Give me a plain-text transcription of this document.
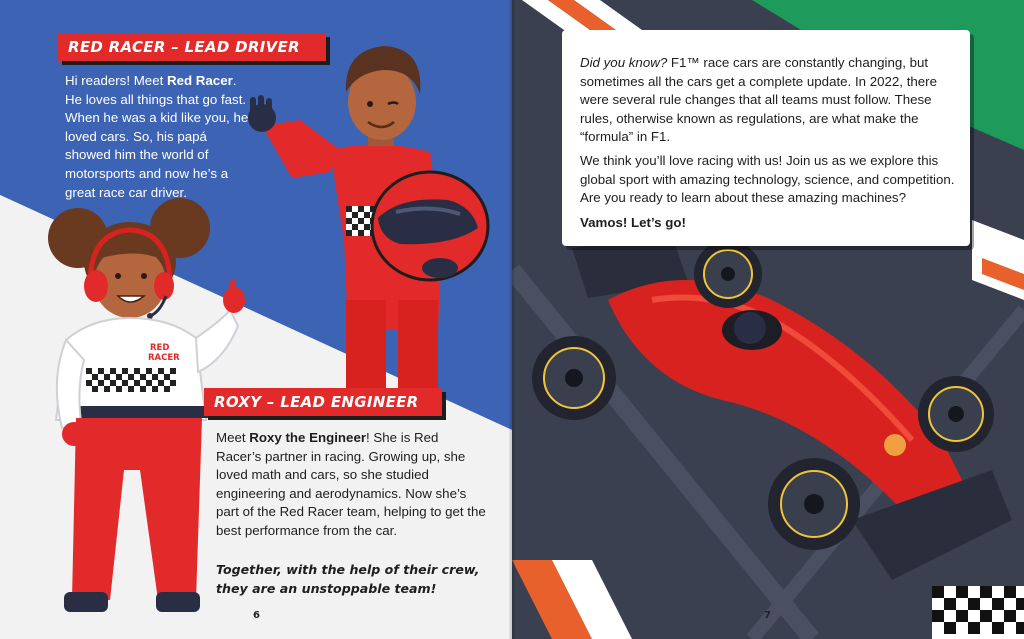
RED
RACER
RED RACER – LEAD DRIVER
Hi readers! Meet Red Racer. He loves all things that go fast. When he was a kid like you, he loved cars. So, his papá showed him the world of motorsports and now he’s a great race car driver.
ROXY – LEAD ENGINEER
Meet Roxy the Engineer! She is Red Racer’s partner in racing. Growing up, she loved math and cars, so she studied engineering and aerodynamics. Now she’s part of the Red Racer team, helping to get the best performance from the car.
Together, with the help of their crew,
they are an unstoppable team!
6

Did you know? F1™ race cars are constantly changing, but sometimes all the cars get a complete update. In 2022, there were several rule changes that all teams must follow. These rules, otherwise known as regulations, are what make the “formula” in F1.

We think you’ll love racing with us! Join us as we explore this global sport with amazing technology, science, and competition. Are you ready to learn about these amazing machines?

Vamos! Let’s go!

7
